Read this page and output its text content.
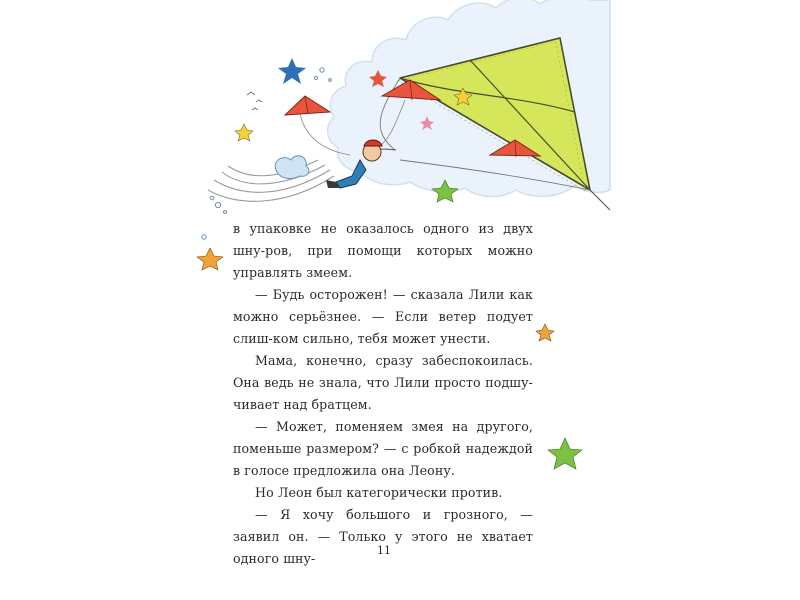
в упаковке не оказалось одного из двух шну-ров, при помощи которых можно управлять змеем.

— Будь осторожен! — сказала Лили как можно серьёзнее. — Если ветер подует слиш-ком сильно, тебя может унести.

Мама, конечно, сразу забеспокоилась. Она ведь не знала, что Лили просто подшу-чивает над братцем.

— Может, поменяем змея на другого, поменьше размером? — с робкой надеждой в голосе предложила она Леону.

Но Леон был категорически против.

— Я хочу большого и грозного, — заявил он. — Только у этого не хватает одного шну-

11
